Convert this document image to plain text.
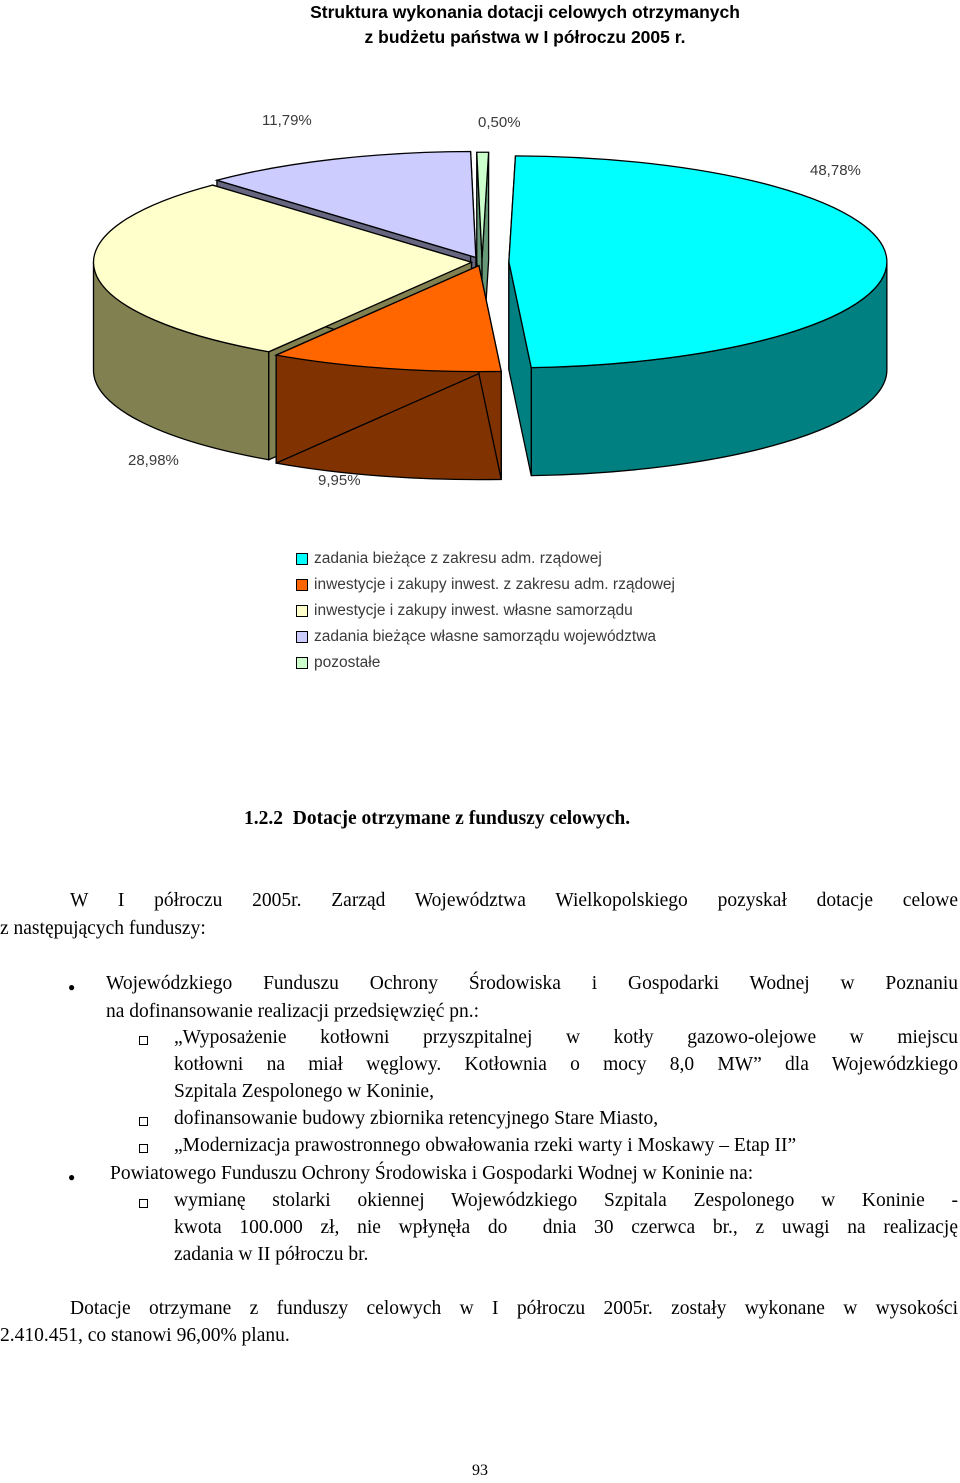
Struktura wykonania dotacji celowych otrzymanych
z budżetu państwa w I półroczu 2005 r.
48,78%
9,95%
28,98%
11,79%	0,50%
zadania bieżące z zakresu adm. rządowej
inwestycje i zakupy inwest. z zakresu adm. rządowej
inwestycje i zakupy inwest. własne samorządu
zadania bieżące własne samorządu województwa
pozostałe
1.2.2  Dotacje otrzymane z funduszy celowych.
W I półroczu 2005r. Zarząd Województwa Wielkopolskiego pozyskał dotacje celowe
z następujących funduszy:
● Wojewódzkiego Funduszu Ochrony Środowiska i Gospodarki Wodnej w Poznaniu
na dofinansowanie realizacji przedsięwzięć pn.:
„Wyposażenie kotłowni przyszpitalnej w kotły gazowo-olejowe w miejscu
kotłowni na miał węglowy. Kotłownia o mocy 8,0 MW” dla Wojewódzkiego
Szpitala Zespolonego w Koninie,
dofinansowanie budowy zbiornika retencyjnego Stare Miasto,
„Modernizacja prawostronnego obwałowania rzeki warty i Moskawy – Etap II”
● Powiatowego Funduszu Ochrony Środowiska i Gospodarki Wodnej w Koninie na:
wymianę stolarki okiennej Wojewódzkiego Szpitala Zespolonego w Koninie -
kwota 100.000 zł, nie wpłynęła do  dnia 30 czerwca br., z uwagi na realizację
zadania w II półroczu br.
Dotacje otrzymane z funduszy celowych w I półroczu 2005r. zostały wykonane w wysokości
2.410.451, co stanowi 96,00% planu.
93
